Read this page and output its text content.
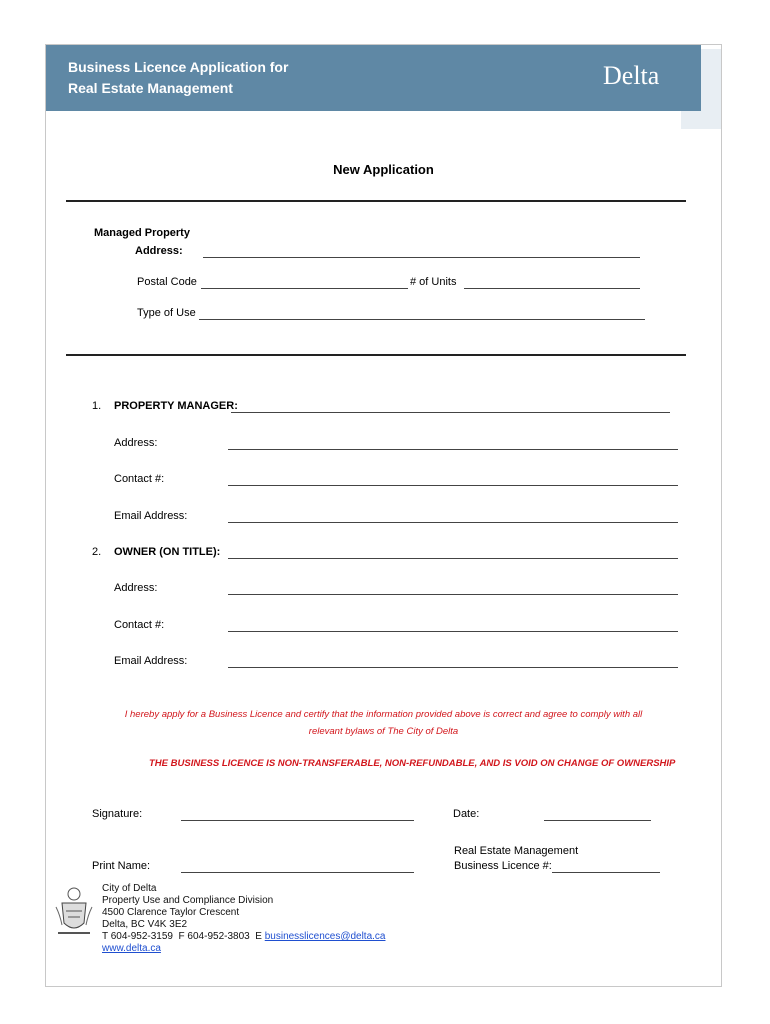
Business Licence Application for
Real Estate Management	Delta
New Application
Managed Property
Address:
Postal Code	# of Units
Type of Use
1. PROPERTY MANAGER:
Address:
Contact #:
Email Address:
2. OWNER (ON TITLE):
Address:
Contact #:
Email Address:
I hereby apply for a Business Licence and certify that the information provided above is correct and agree to comply with all
relevant bylaws of The City of Delta
THE BUSINESS LICENCE IS NON-TRANSFERABLE, NON-REFUNDABLE, AND IS VOID ON CHANGE OF OWNERSHIP
Signature:	Date:
Real Estate Management
Print Name:	Business Licence #:
City of Delta
Property Use and Compliance Division
4500 Clarence Taylor Crescent
Delta, BC V4K 3E2
T 604-952-3159  F 604-952-3803  E businesslicences@delta.ca
www.delta.ca
